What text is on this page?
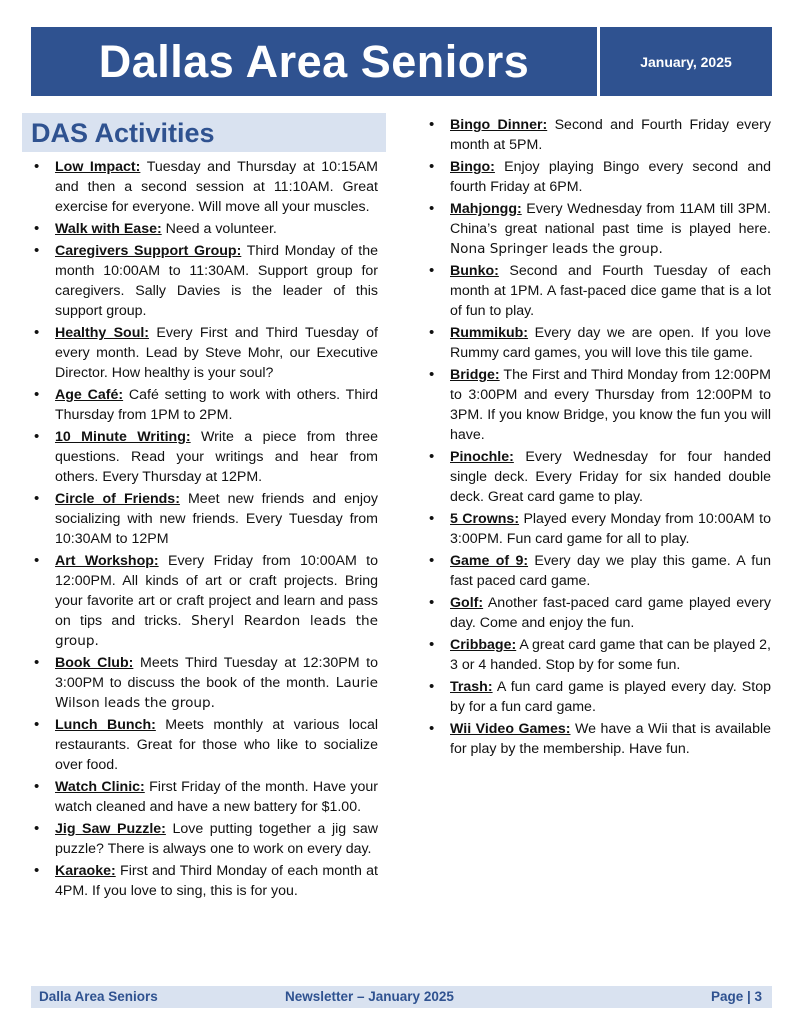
Dallas Area Seniors	January, 2025
DAS Activities
• Low Impact: Tuesday and Thursday at 10:15AM and then a second session at 11:10AM. Great exercise for everyone. Will move all your muscles.
• Walk with Ease: Need a volunteer.
• Caregivers Support Group: Third Monday of the month 10:00AM to 11:30AM. Support group for caregivers. Sally Davies is the leader of this support group.
• Healthy Soul: Every First and Third Tuesday of every month. Lead by Steve Mohr, our Executive Director. How healthy is your soul?
• Age Café: Café setting to work with others. Third Thursday from 1PM to 2PM.
• 10 Minute Writing: Write a piece from three questions. Read your writings and hear from others. Every Thursday at 12PM.
• Circle of Friends: Meet new friends and enjoy socializing with new friends. Every Tuesday from 10:30AM to 12PM
• Art Workshop: Every Friday from 10:00AM to 12:00PM. All kinds of art or craft projects. Bring your favorite art or craft project and learn and pass on tips and tricks. Sheryl Reardon leads the group.
• Book Club: Meets Third Tuesday at 12:30PM to 3:00PM to discuss the book of the month. Laurie Wilson leads the group.
• Lunch Bunch: Meets monthly at various local restaurants. Great for those who like to socialize over food.
• Watch Clinic: First Friday of the month. Have your watch cleaned and have a new battery for $1.00.
• Jig Saw Puzzle: Love putting together a jig saw puzzle? There is always one to work on every day.
• Karaoke: First and Third Monday of each month at 4PM. If you love to sing, this is for you.
• Bingo Dinner: Second and Fourth Friday every month at 5PM.
• Bingo: Enjoy playing Bingo every second and fourth Friday at 6PM.
• Mahjongg: Every Wednesday from 11AM till 3PM. China’s great national past time is played here. Nona Springer leads the group.
• Bunko: Second and Fourth Tuesday of each month at 1PM. A fast-paced dice game that is a lot of fun to play.
• Rummikub: Every day we are open. If you love Rummy card games, you will love this tile game.
• Bridge: The First and Third Monday from 12:00PM to 3:00PM and every Thursday from 12:00PM to 3PM. If you know Bridge, you know the fun you will have.
• Pinochle: Every Wednesday for four handed single deck. Every Friday for six handed double deck. Great card game to play.
• 5 Crowns: Played every Monday from 10:00AM to 3:00PM. Fun card game for all to play.
• Game of 9: Every day we play this game. A fun fast paced card game.
• Golf: Another fast-paced card game played every day. Come and enjoy the fun.
• Cribbage: A great card game that can be played 2, 3 or 4 handed. Stop by for some fun.
• Trash: A fun card game is played every day. Stop by for a fun card game.
• Wii Video Games: We have a Wii that is available for play by the membership. Have fun.
Dalla Area Seniors	Newsletter – January 2025	Page | 3
